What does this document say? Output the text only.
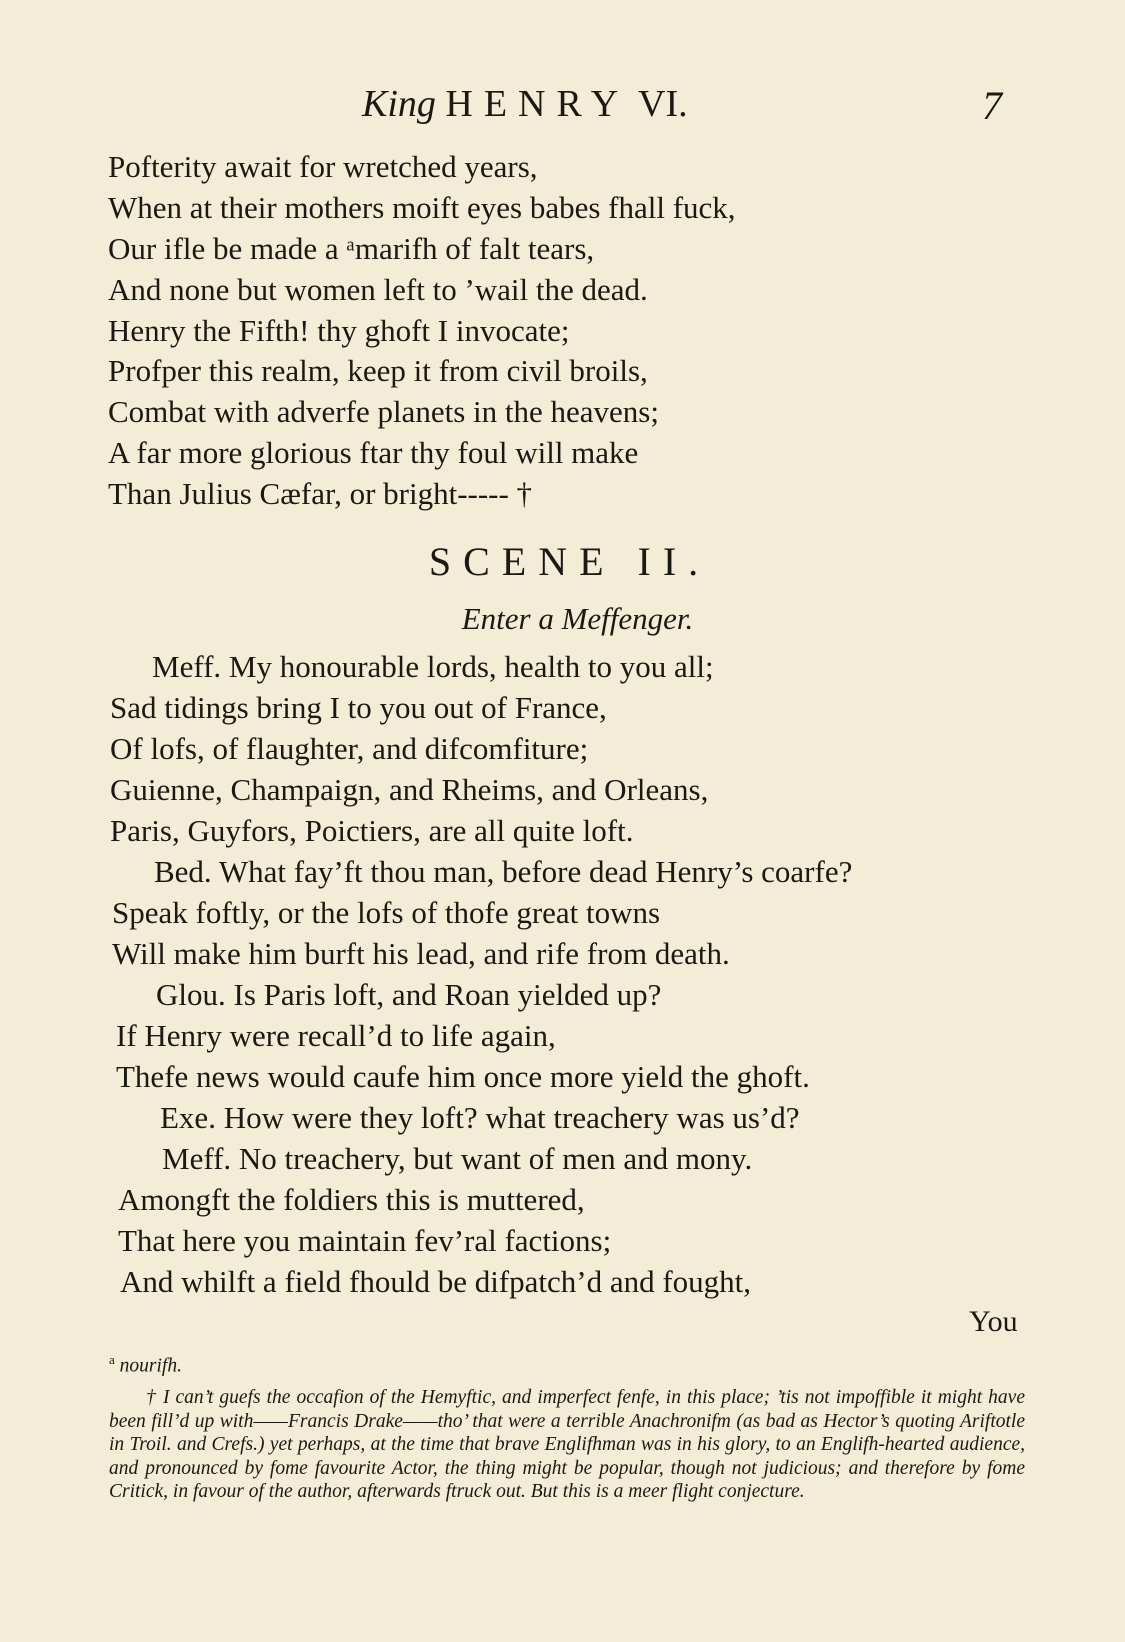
King HENRY VI.	7
Pofterity await for wretched years,
When at their mothers moift eyes babes fhall fuck,
Our ifle be made a ᵃmarifh of falt tears,
And none but women left to ’wail the dead.
Henry the Fifth! thy ghoft I invocate;
Profper this realm, keep it from civil broils,
Combat with adverfe planets in the heavens;
A far more glorious ftar thy foul will make
Than Julius Cæfar, or bright----- †
SCENE II.
Enter a Meffenger.
Meff. My honourable lords, health to you all;
Sad tidings bring I to you out of France,
Of lofs, of flaughter, and difcomfiture;
Guienne, Champaign, and Rheims, and Orleans,
Paris, Guyfors, Poictiers, are all quite loft.
Bed. What fay’ft thou man, before dead Henry’s coarfe?
Speak foftly, or the lofs of thofe great towns
Will make him burft his lead, and rife from death.
Glou. Is Paris loft, and Roan yielded up?
If Henry were recall’d to life again,
Thefe news would caufe him once more yield the ghoft.
Exe. How were they loft? what treachery was us’d?
Meff. No treachery, but want of men and mony.
Amongft the foldiers this is muttered,
That here you maintain fev’ral factions;
And whilft a field fhould be difpatch’d and fought,
You
$^a$ nourifh.
† I can’t guefs the occafion of the Hemyftic, and imperfect fenfe, in this place; ’tis not impoffible it might have been fill’d up with——Francis Drake——tho’ that were a terrible Anachronifm (as bad as Hector’s quoting Ariftotle in Troil. and Crefs.) yet perhaps, at the time that brave Englifhman was in his glory, to an Englifh-hearted audience, and pronounced by fome favourite Actor, the thing might be popular, though not judicious; and therefore by fome Critick, in favour of the author, afterwards ftruck out. But this is a meer flight conjecture.
